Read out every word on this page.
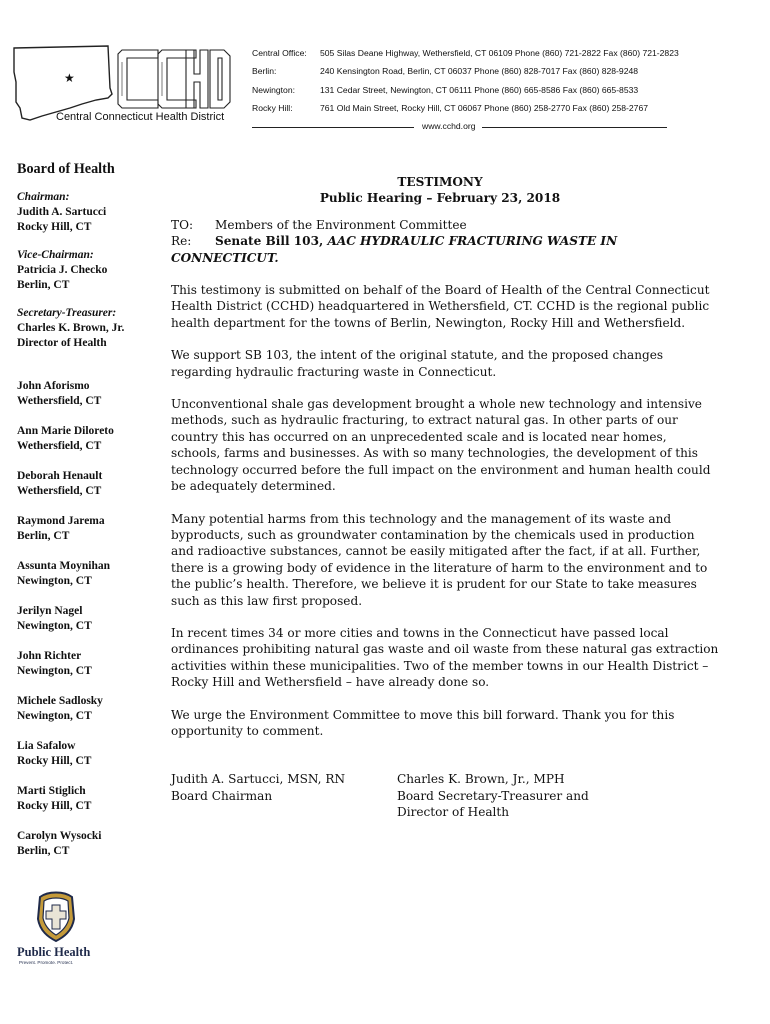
★
Central Connecticut Health District
Central Office: 505 Silas Deane Highway, Wethersfield, CT 06109 Phone (860) 721-2822 Fax (860) 721-2823
Berlin:	240 Kensington Road, Berlin, CT 06037 Phone (860) 828-7017 Fax (860) 828-9248
Newington:	131 Cedar Street, Newington, CT 06111 Phone (860) 665-8586 Fax (860) 665-8533
Rocky Hill:	761 Old Main Street, Rocky Hill, CT 06067 Phone (860) 258-2770 Fax (860) 258-2767
www.cchd.org
Board of Health
Chairman:
Judith A. Sartucci
Rocky Hill, CT
Vice-Chairman:
Patricia J. Checko
Berlin, CT
Secretary-Treasurer:
Charles K. Brown, Jr.
Director of Health
John Aforismo
Wethersfield, CT
Ann Marie Diloreto
Wethersfield, CT
Deborah Henault
Wethersfield, CT
Raymond Jarema
Berlin, CT
Assunta Moynihan
Newington, CT
Jerilyn Nagel
Newington, CT
John Richter
Newington, CT
Michele Sadlosky
Newington, CT
Lia Safalow
Rocky Hill, CT
Marti Stiglich
Rocky Hill, CT
Carolyn Wysocki
Berlin, CT
Public Health
Prevent. Promote. Protect.
TESTIMONY
Public Hearing – February 23, 2018
TO: Members of the Environment Committee
Re: Senate Bill 103, AAC HYDRAULIC FRACTURING WASTE IN CONNECTICUT.
This testimony is submitted on behalf of the Board of Health of the Central Connecticut Health District (CCHD) headquartered in Wethersfield, CT. CCHD is the regional public health department for the towns of Berlin, Newington, Rocky Hill and Wethersfield.
We support SB 103, the intent of the original statute, and the proposed changes regarding hydraulic fracturing waste in Connecticut.
Unconventional shale gas development brought a whole new technology and intensive methods, such as hydraulic fracturing, to extract natural gas. In other parts of our country this has occurred on an unprecedented scale and is located near homes, schools, farms and businesses. As with so many technologies, the development of this technology occurred before the full impact on the environment and human health could be adequately determined.
Many potential harms from this technology and the management of its waste and byproducts, such as groundwater contamination by the chemicals used in production and radioactive substances, cannot be easily mitigated after the fact, if at all. Further, there is a growing body of evidence in the literature of harm to the environment and to the public’s health. Therefore, we believe it is prudent for our State to take measures such as this law first proposed.
In recent times 34 or more cities and towns in the Connecticut have passed local ordinances prohibiting natural gas waste and oil waste from these natural gas extraction activities within these municipalities. Two of the member towns in our Health District – Rocky Hill and Wethersfield – have already done so.
We urge the Environment Committee to move this bill forward. Thank you for this opportunity to comment.
Judith A. Sartucci, MSN, RN
Board Chairman
Charles K. Brown, Jr., MPH
Board Secretary-Treasurer and
Director of Health
